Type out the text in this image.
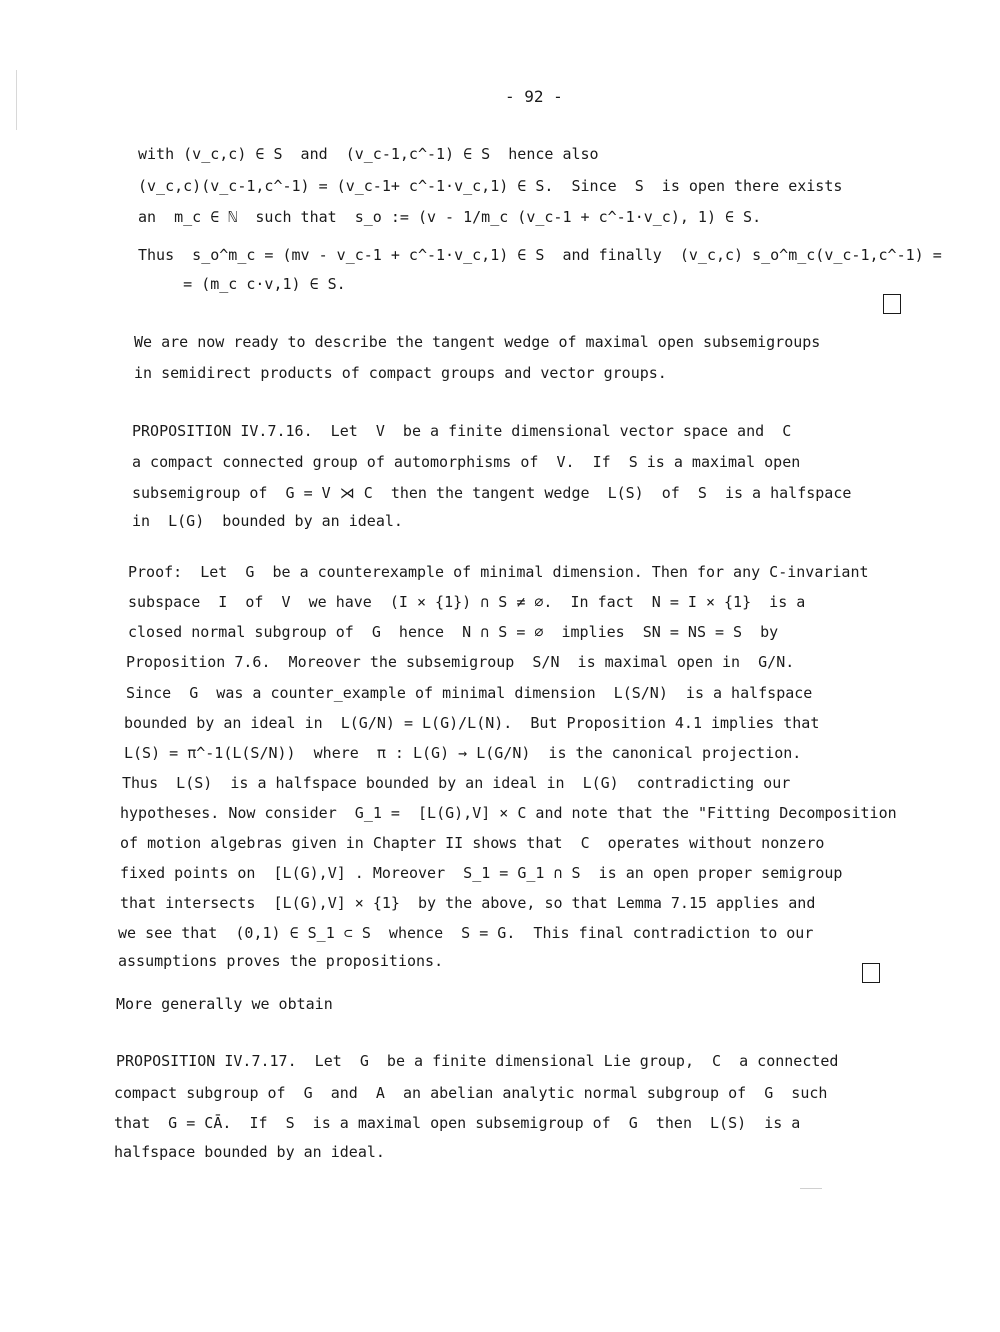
- 92 -
with (v_c,c) ∈ S  and  (v_c-1,c^-1) ∈ S  hence also
(v_c,c)(v_c-1,c^-1) = (v_c-1+ c^-1·v_c,1) ∈ S.  Since  S  is open there exists
an  m_c ∈ ℕ  such that  s_o := (v - 1/m_c (v_c-1 + c^-1·v_c), 1) ∈ S.
Thus  s_o^m_c = (mv - v_c-1 + c^-1·v_c,1) ∈ S  and finally  (v_c,c) s_o^m_c(v_c-1,c^-1) =
= (m_c c·v,1) ∈ S.
We are now ready to describe the tangent wedge of maximal open subsemigroups
in semidirect products of compact groups and vector groups.
PROPOSITION IV.7.16.  Let  V  be a finite dimensional vector space and  C
a compact connected group of automorphisms of  V.  If  S is a maximal open
subsemigroup of  G = V ⋊ C  then the tangent wedge  L(S)  of  S  is a halfspace
in  L(G)  bounded by an ideal.
Proof:  Let  G  be a counterexample of minimal dimension. Then for any C-invariant
subspace  I  of  V  we have  (I × {1}) ∩ S ≠ ∅.  In fact  N = I × {1}  is a
closed normal subgroup of  G  hence  N ∩ S = ∅  implies  SN = NS = S  by
Proposition 7.6.  Moreover the subsemigroup  S/N  is maximal open in  G/N.
Since  G  was a counter_example of minimal dimension  L(S/N)  is a halfspace
bounded by an ideal in  L(G/N) = L(G)/L(N).  But Proposition 4.1 implies that
L(S) = π^-1(L(S/N))  where  π : L(G) → L(G/N)  is the canonical projection.
Thus  L(S)  is a halfspace bounded by an ideal in  L(G)  contradicting our
hypotheses. Now consider  G_1 =  [L(G),V] × C and note that the "Fitting Decomposition
of motion algebras given in Chapter II shows that  C  operates without nonzero
fixed points on  [L(G),V] . Moreover  S_1 = G_1 ∩ S  is an open proper semigroup
that intersects  [L(G),V] × {1}  by the above, so that Lemma 7.15 applies and
we see that  (0,1) ∈ S_1 ⊂ S  whence  S = G.  This final contradiction to our
assumptions proves the propositions.
More generally we obtain
PROPOSITION IV.7.17.  Let  G  be a finite dimensional Lie group,  C  a connected
compact subgroup of  G  and  A  an abelian analytic normal subgroup of  G  such
that  G = CĀ.  If  S  is a maximal open subsemigroup of  G  then  L(S)  is a
halfspace bounded by an ideal.
